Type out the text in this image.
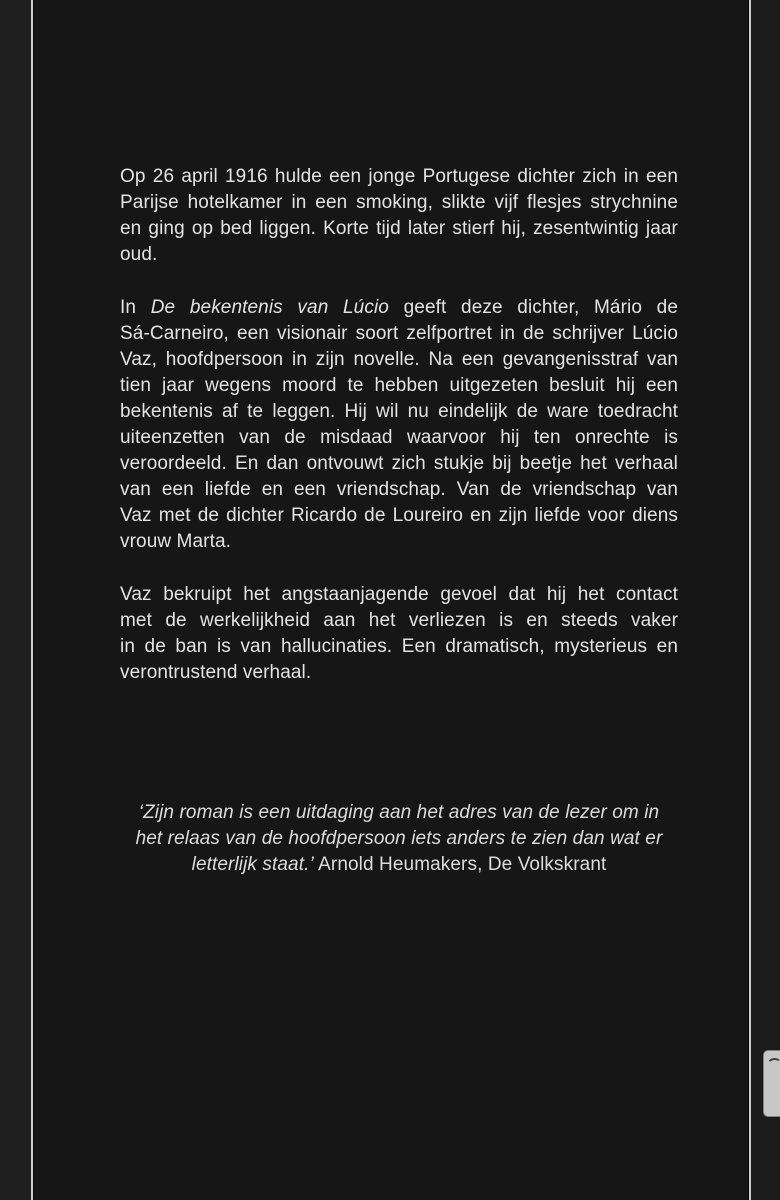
Op 26 april 1916 hulde een jonge Portugese dichter zich in een
Parijse hotelkamer in een smoking, slikte vijf flesjes strychnine
en ging op bed liggen. Korte tijd later stierf hij, zesentwintig jaar
oud.
In De bekentenis van Lúcio geeft deze dichter, Mário de
Sá-Carneiro, een visionair soort zelfportret in de schrijver Lúcio
Vaz, hoofdpersoon in zijn novelle. Na een gevangenisstraf van
tien jaar wegens moord te hebben uitgezeten besluit hij een
bekentenis af te leggen. Hij wil nu eindelijk de ware toedracht
uiteenzetten van de misdaad waarvoor hij ten onrechte is
veroordeeld. En dan ontvouwt zich stukje bij beetje het verhaal
van een liefde en een vriendschap. Van de vriendschap van
Vaz met de dichter Ricardo de Loureiro en zijn liefde voor diens
vrouw Marta.
Vaz bekruipt het angstaanjagende gevoel dat hij het contact
met de werkelijkheid aan het verliezen is en steeds vaker
in de ban is van hallucinaties. Een dramatisch, mysterieus en
verontrustend verhaal.
‘Zijn roman is een uitdaging aan het adres van de lezer om in
het relaas van de hoofdpersoon iets anders te zien dan wat er
letterlijk staat.’ Arnold Heumakers, De Volkskrant
